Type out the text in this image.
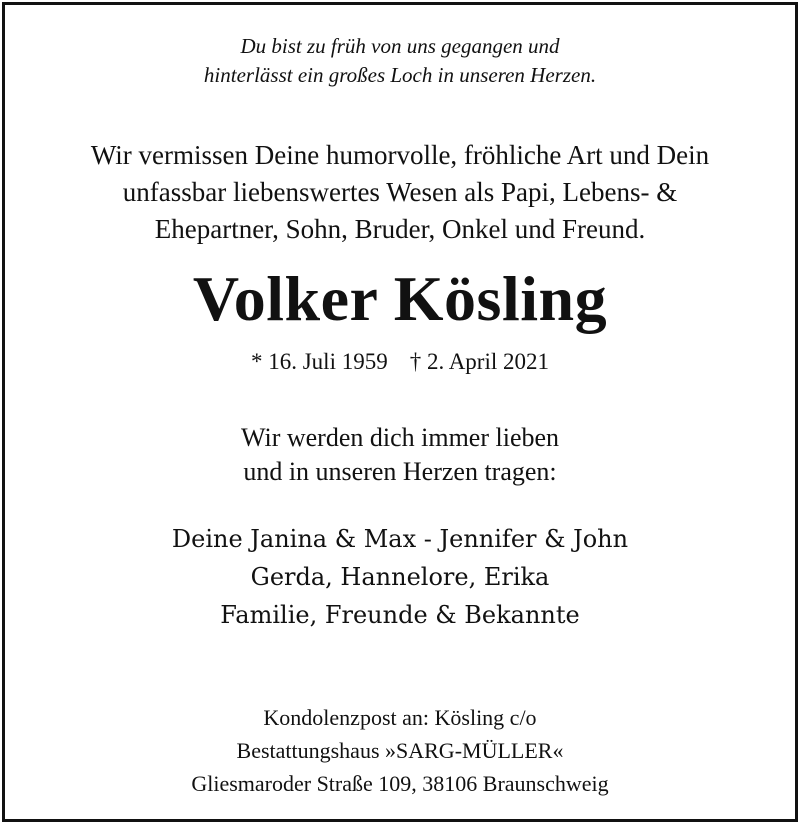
Du bist zu früh von uns gegangen und
hinterlässt ein großes Loch in unseren Herzen.
Wir vermissen Deine humorvolle, fröhliche Art und Dein
unfassbar liebenswertes Wesen als Papi, Lebens- &
Ehepartner, Sohn, Bruder, Onkel und Freund.
Volker Kösling
* 16. Juli 1959 † 2. April 2021
Wir werden dich immer lieben
und in unseren Herzen tragen:
Deine Janina & Max - Jennifer & John
Gerda, Hannelore, Erika
Familie, Freunde & Bekannte
Kondolenzpost an: Kösling c/o
Bestattungshaus »SARG-MÜLLER«
Gliesmaroder Straße 109, 38106 Braunschweig
